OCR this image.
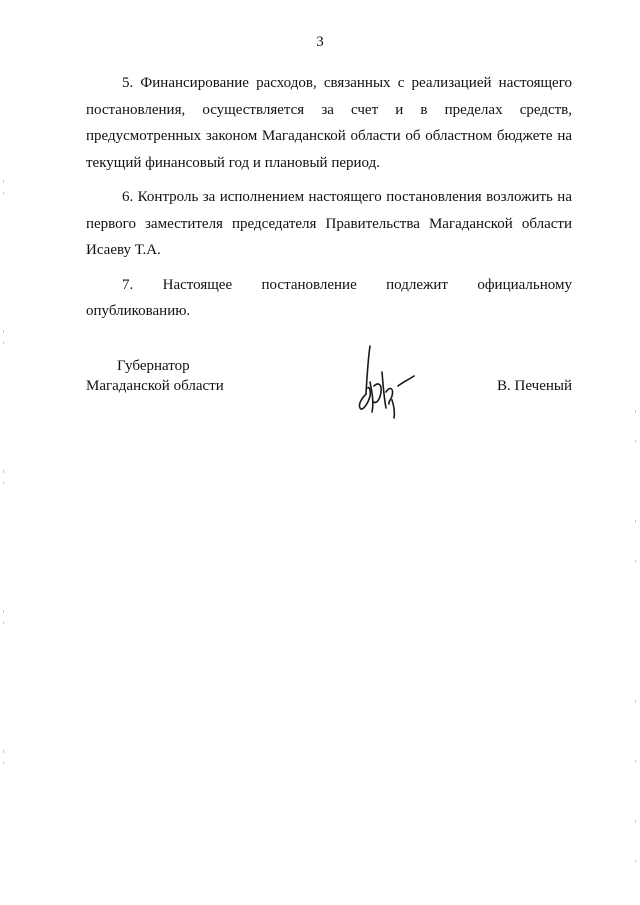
3

5. Финансирование расходов, связанных с реализацией настоящего постановления, осуществляется за счет и в пределах средств, предусмотренных законом Магаданской области об областном бюджете на текущий финансовый год и плановый период.

6. Контроль за исполнением настоящего постановления возложить на первого заместителя председателя Правительства Магаданской области Исаеву Т.А.

7. Настоящее постановление подлежит официальному

опубликованию.

Губернатор
Магаданской области	В. Печеный
